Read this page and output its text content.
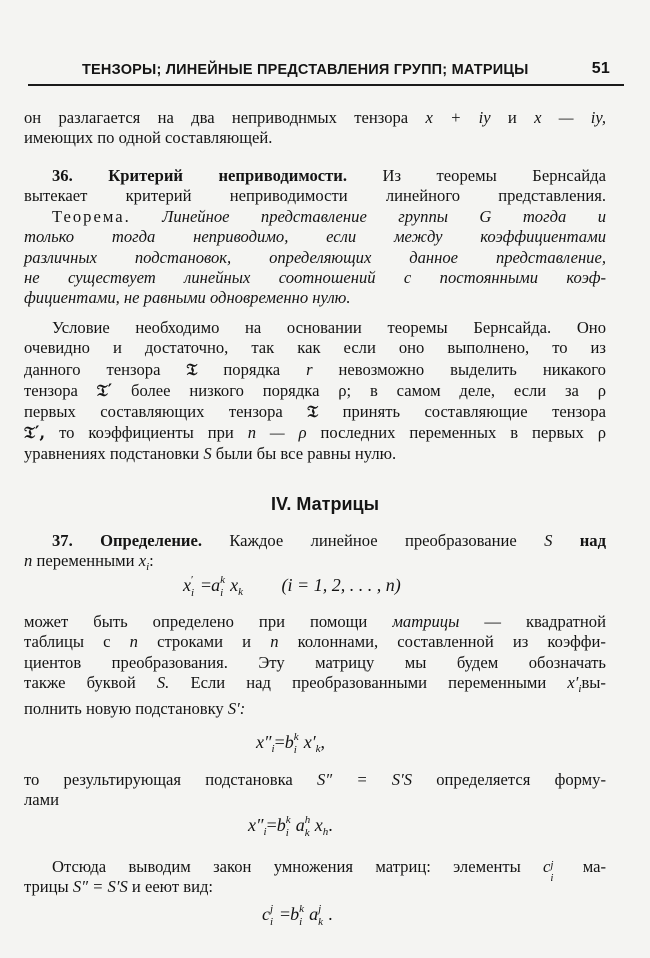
ТЕНЗОРЫ; ЛИНЕЙНЫЕ ПРЕДСТАВЛЕНИЯ ГРУПП; МАТРИЦЫ	51
он разлагается на два неприводнмых тензора x + iy и x — iy,
имеющих по одной составляющей.
36. Критерий неприводимости. Из теоремы Бернсайда
вытекает критерий неприводимости линейного представления.
Теорема. Линейное представление группы G тогда и
только тогда неприводимо, если между коэффициентами
различных подстановок, определяющих данное представление,
не существует линейных соотношений с постоянными коэф-
фициентами, не равными одновременно нулю.
Условие необходимо на основании теоремы Бернсайда. Оно
очевидно и достаточно, так как если оно выполнено, то из
данного тензора 𝔗 порядка r невозможно выделить никакого
тензора 𝔗′ более низкого порядка ρ; в самом деле, если за ρ
первых составляющих тензора 𝔗 принять составляющие тензора
𝔗′, то коэффициенты при n — ρ последних переменных в первых ρ
уравнениях подстановки S были бы все равны нулю.
IV. Матрицы
37. Определение. Каждое линейное преобразование S над
n переменными $x_i$:
x ′
i =a k
i $x_k$ (i = 1, 2, . . . , n)
может быть определено при помощи матрицы — квадратной
таблицы с n строками и n колоннами, составленной из коэффи-
циентов преобразования. Эту матрицу мы будем обозначать
также буквой S. Если над преобразованными переменными $x'_iвы-$
полнить новую подстановку S′:
$x''_i=b$ k
i $x'_k$,
то результирующая подстановка S″ = S′S определяется форму-
лами
$x''_i=b$ k
i a h
k $x_h$.
Отсюда выводим закон умножения матриц: элементы c j
i
ма-
трицы S″ = S′S и ееют вид:
c j
i =b k
i a j
k .
